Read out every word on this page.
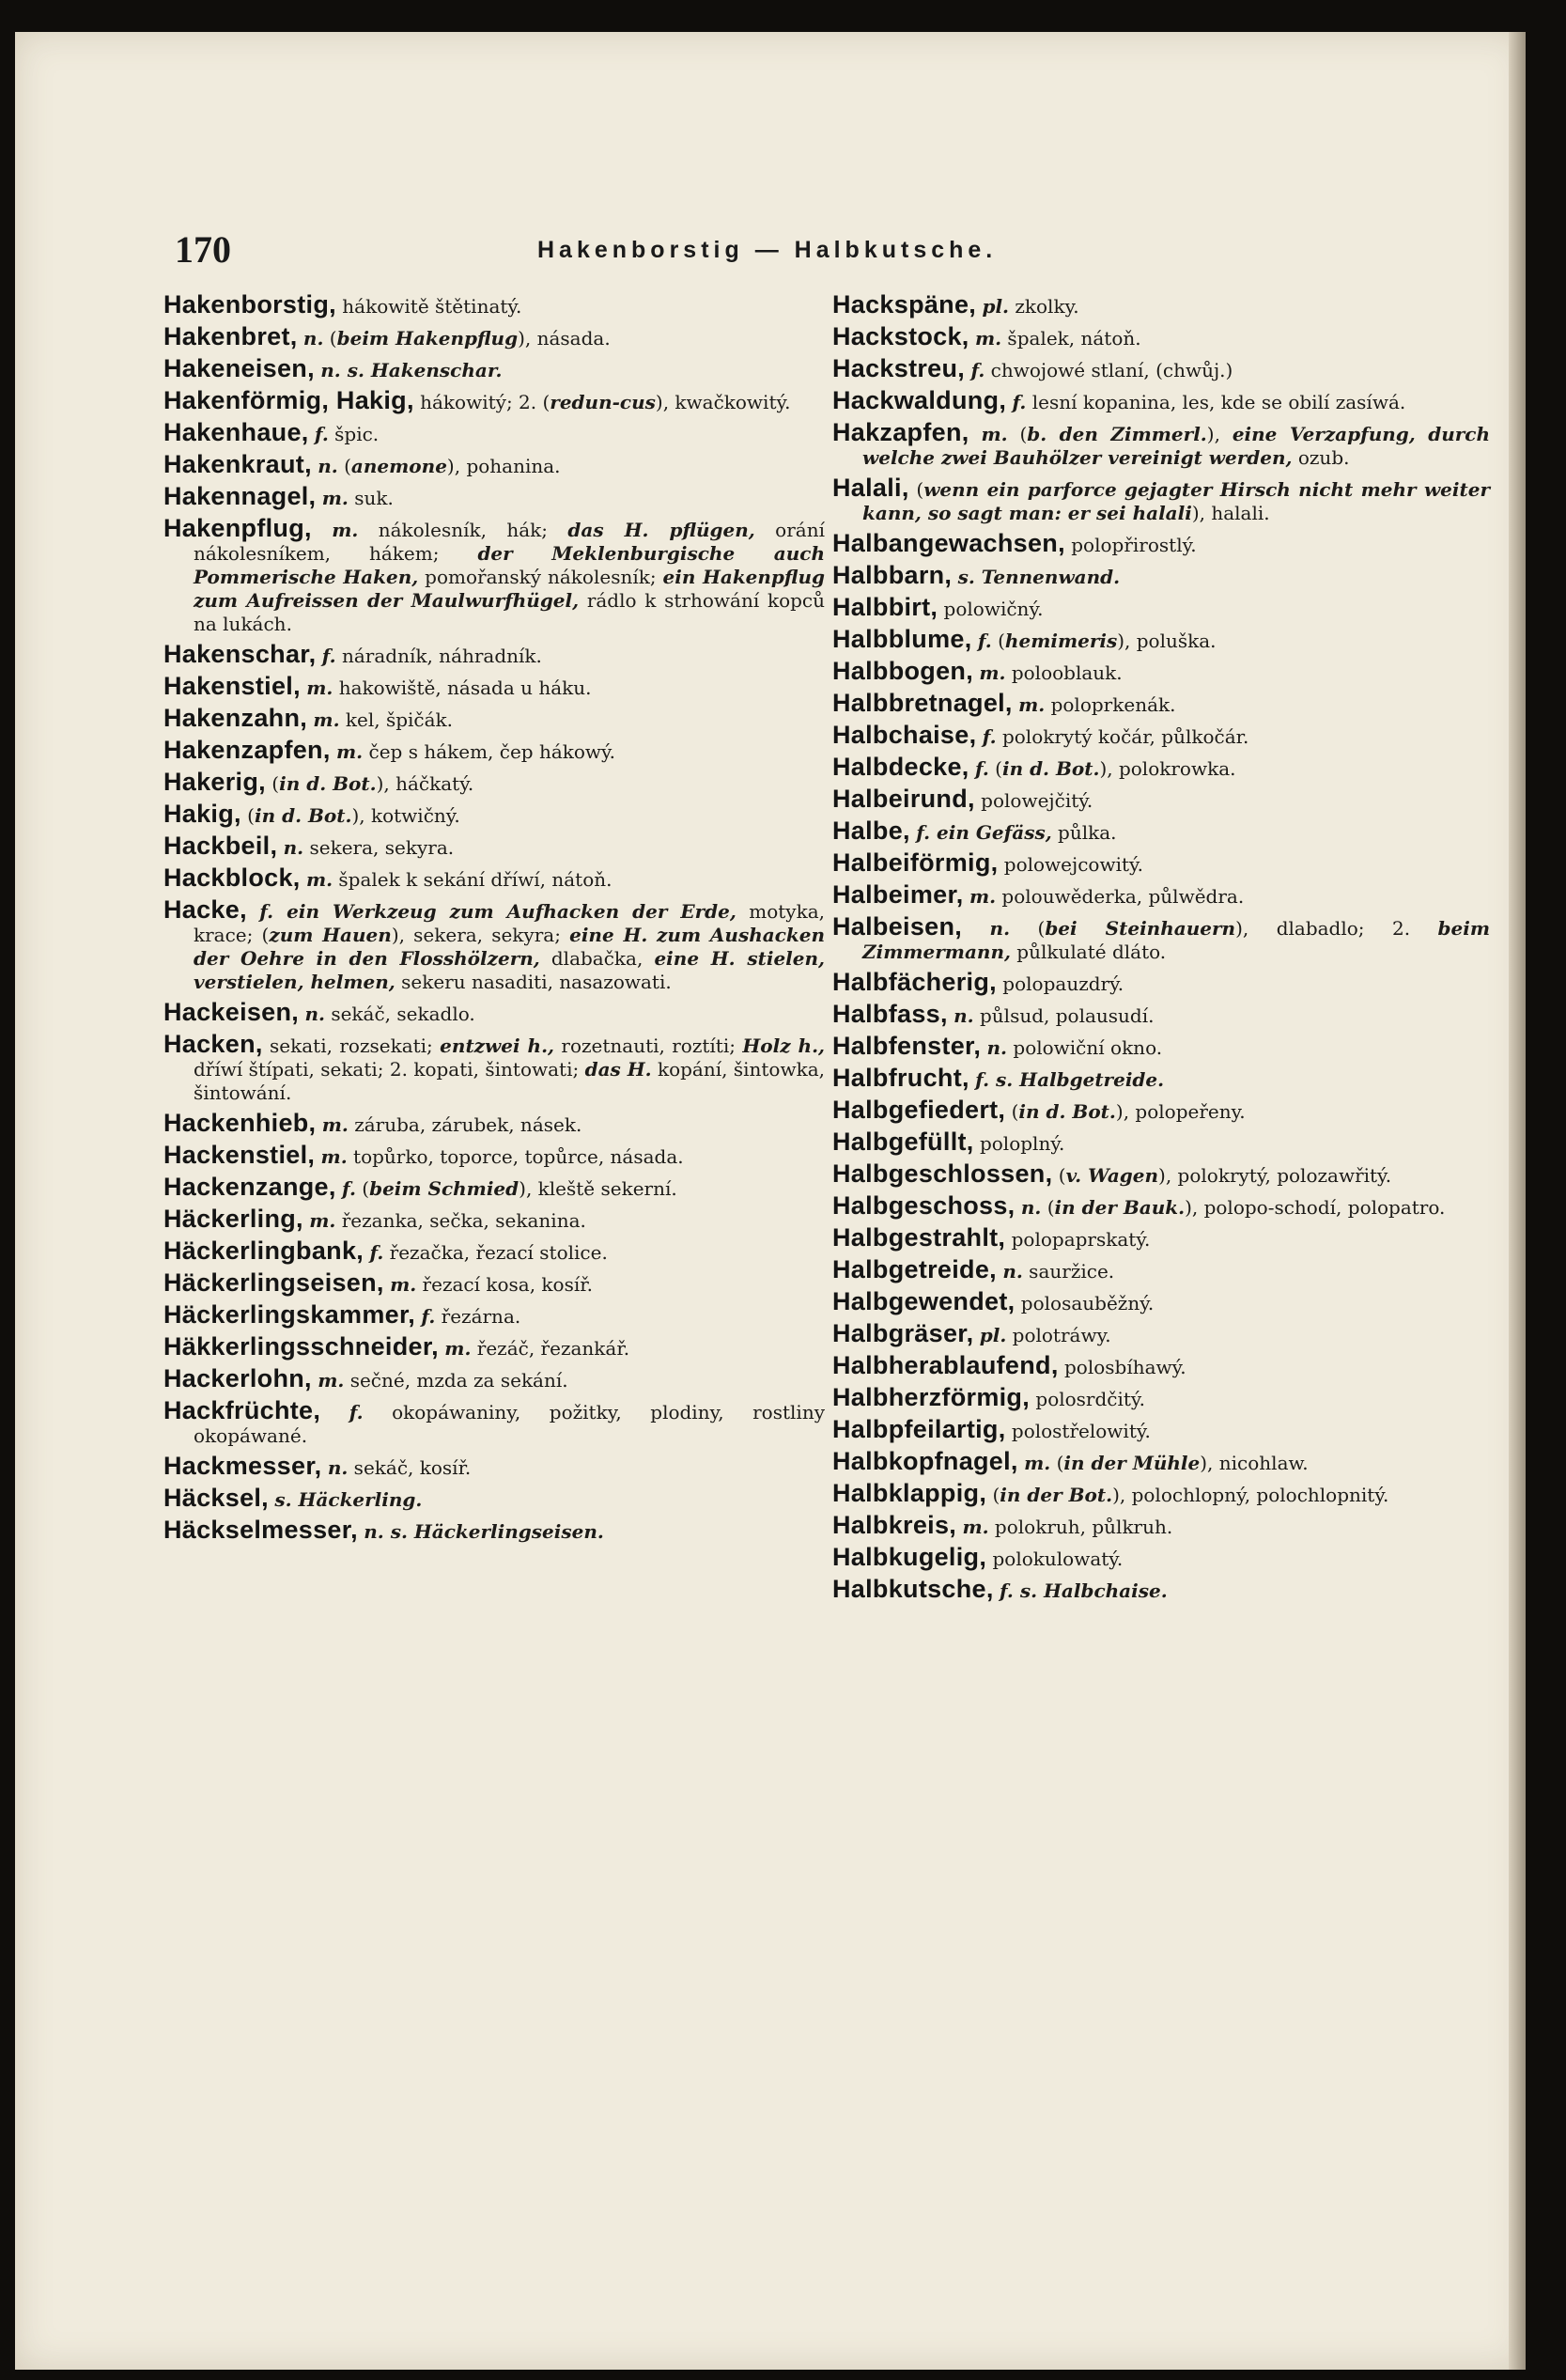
170	Hakenborstig — Halbkutsche.
Hakenborstig, hákowitě štětinatý.
Hakenbret, n. (beim Hakenpflug), násada.
Hakeneisen, n. s. Hakenschar.
Hakenförmig, Hakig, hákowitý; 2. (redun-cus), kwačkowitý.
Hakenhaue, f. špic.
Hakenkraut, n. (anemone), pohanina.
Hakennagel, m. suk.
Hakenpflug, m. nákolesník, hák; das H. pflügen, orání nákolesníkem, hákem; der Meklenburgische auch Pommerische Haken, pomořanský nákolesník; ein Hakenpflug zum Aufreissen der Maulwurfhügel, rádlo k strhowání kopců na lukách.
Hakenschar, f. náradník, náhradník.
Hakenstiel, m. hakowiště, násada u háku.
Hakenzahn, m. kel, špičák.
Hakenzapfen, m. čep s hákem, čep hákowý.
Hakerig, (in d. Bot.), háčkatý.
Hakig, (in d. Bot.), kotwičný.
Hackbeil, n. sekera, sekyra.
Hackblock, m. špalek k sekání dříwí, nátoň.
Hacke, f. ein Werkzeug zum Aufhacken der Erde, motyka, krace; (zum Hauen), sekera, sekyra; eine H. zum Aushacken der Oehre in den Flosshölzern, dlabačka, eine H. stielen, verstielen, helmen, sekeru nasaditi, nasazowati.
Hackeisen, n. sekáč, sekadlo.
Hacken, sekati, rozsekati; entzwei h., rozetnauti, roztíti; Holz h., dříwí štípati, sekati; 2. kopati, šintowati; das H. kopání, šintowka, šintowání.
Hackenhieb, m. záruba, zárubek, násek.
Hackenstiel, m. topůrko, toporce, topůrce, násada.
Hackenzange, f. (beim Schmied), kleště sekerní.
Häckerling, m. řezanka, sečka, sekanina.
Häckerlingbank, f. řezačka, řezací stolice.
Häckerlingseisen, m. řezací kosa, kosíř.
Häckerlingskammer, f. řezárna.
Häkkerlingsschneider, m. řezáč, řezankář.
Hackerlohn, m. sečné, mzda za sekání.
Hackfrüchte, f. okopáwaniny, požitky, plodiny, rostliny okopáwané.
Hackmesser, n. sekáč, kosíř.
Häcksel, s. Häckerling.
Häckselmesser, n. s. Häckerlingseisen.
Hackspäne, pl. zkolky.
Hackstock, m. špalek, nátoň.
Hackstreu, f. chwojowé stlaní, (chwůj.)
Hackwaldung, f. lesní kopanina, les, kde se obilí zasíwá.
Hakzapfen, m. (b. den Zimmerl.), eine Verzapfung, durch welche zwei Bauhölzer vereinigt werden, ozub.
Halali, (wenn ein parforce gejagter Hirsch nicht mehr weiter kann, so sagt man: er sei halali), halali.
Halbangewachsen, polopřirostlý.
Halbbarn, s. Tennenwand.
Halbbirt, polowičný.
Halbblume, f. (hemimeris), poluška.
Halbbogen, m. polooblauk.
Halbbretnagel, m. poloprkenák.
Halbchaise, f. polokrytý kočár, půlkočár.
Halbdecke, f. (in d. Bot.), polokrowka.
Halbeirund, polowejčitý.
Halbe, f. ein Gefäss, půlka.
Halbeiförmig, polowejcowitý.
Halbeimer, m. polouwěderka, půlwědra.
Halbeisen, n. (bei Steinhauern), dlabadlo; 2. beim Zimmermann, půlkulaté dláto.
Halbfächerig, polopauzdrý.
Halbfass, n. půlsud, polausudí.
Halbfenster, n. polowiční okno.
Halbfrucht, f. s. Halbgetreide.
Halbgefiedert, (in d. Bot.), polopeřeny.
Halbgefüllt, poloplný.
Halbgeschlossen, (v. Wagen), polokrytý, polozawřitý.
Halbgeschoss, n. (in der Bauk.), polopo-schodí, polopatro.
Halbgestrahlt, polopaprskatý.
Halbgetreide, n. sauržice.
Halbgewendet, polosauběžný.
Halbgräser, pl. polotráwy.
Halbherablaufend, polosbíhawý.
Halbherzförmig, polosrdčitý.
Halbpfeilartig, polostřelowitý.
Halbkopfnagel, m. (in der Mühle), nicohlaw.
Halbklappig, (in der Bot.), polochlopný, polochlopnitý.
Halbkreis, m. polokruh, půlkruh.
Halbkugelig, polokulowatý.
Halbkutsche, f. s. Halbchaise.
